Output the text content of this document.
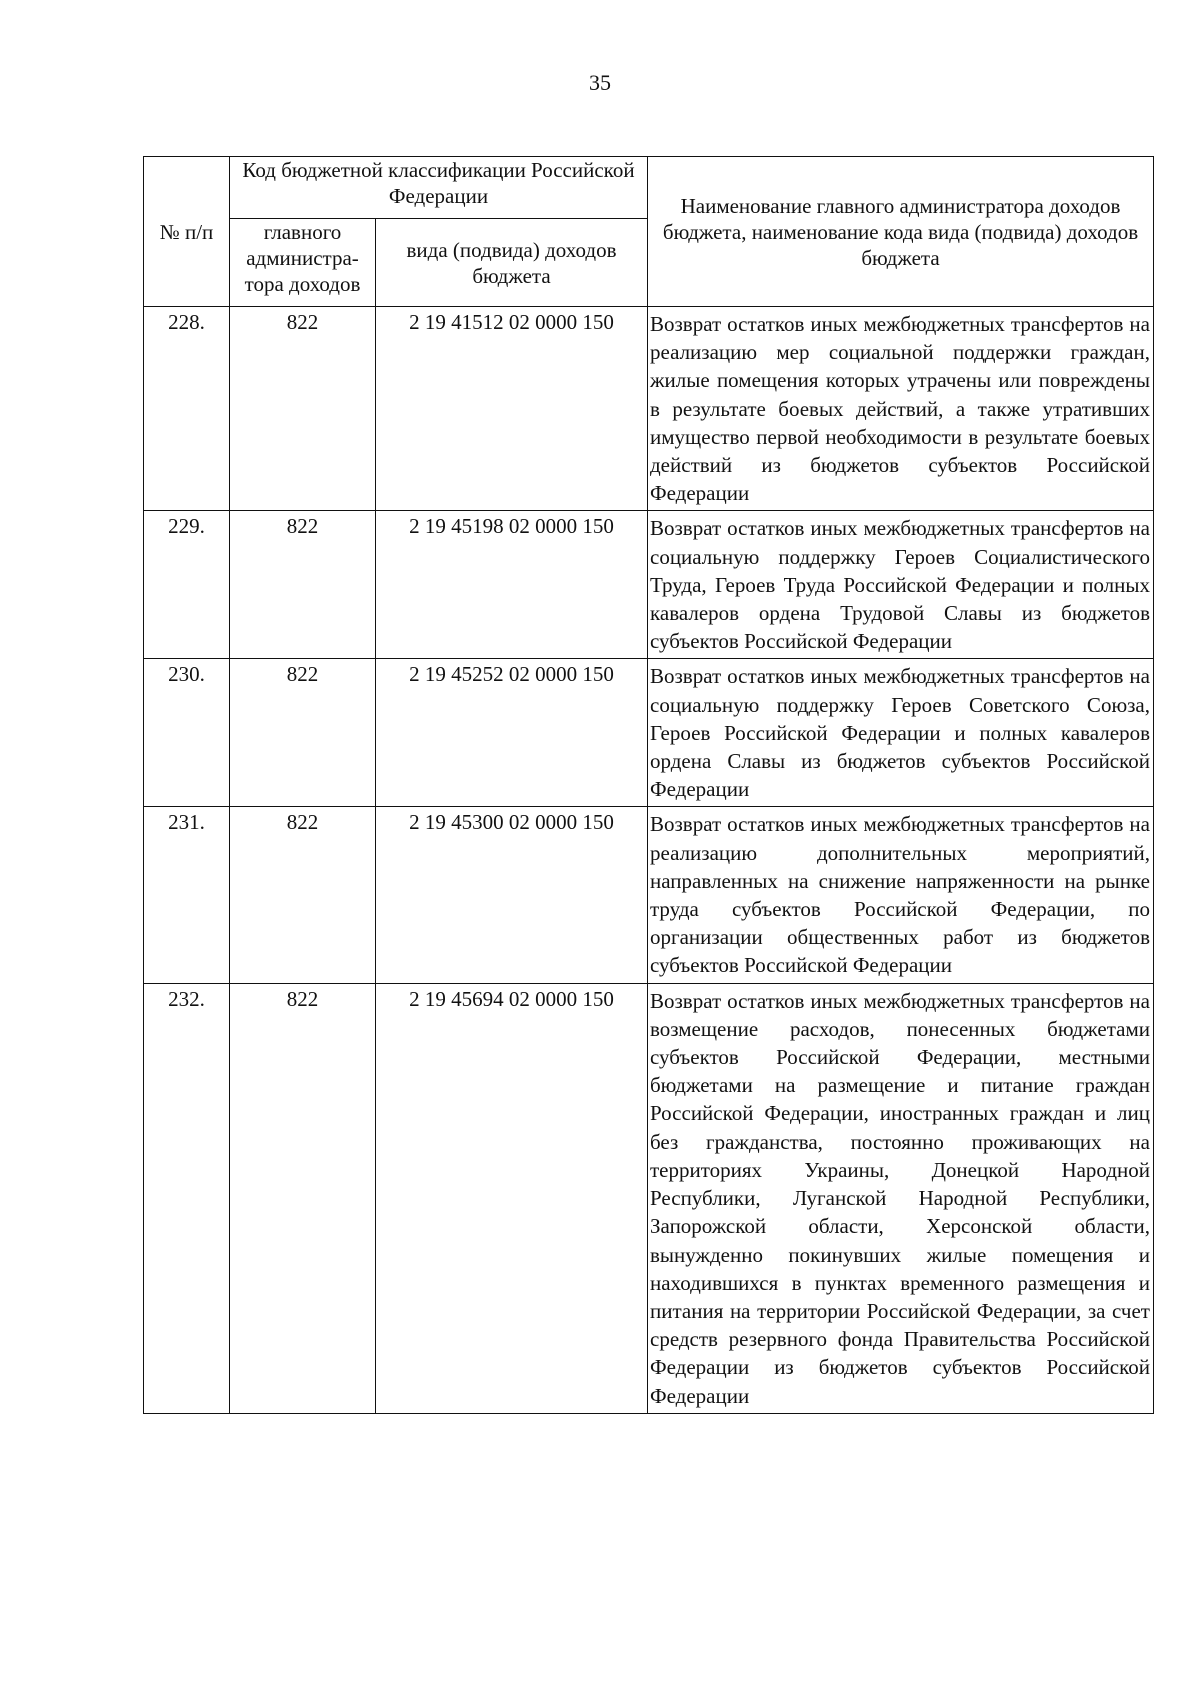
35
№ п/п	Код бюджетной классификации Российской Федерации		Наименование главного администратора доходов бюджета, наименование кода вида (подвида) доходов бюджета

	главного
администра-
тора доходов	вида (подвида) доходов бюджета	
228.	822	2 19 41512 02 0000 150	Возврат остатков иных межбюджетных трансфертов на реализацию мер социальной поддержки граждан, жилые помещения которых утрачены или повреждены в результате боевых действий, а также утративших имущество первой необходимости в результате боевых действий из бюджетов субъектов Российской Федерации
229.	822	2 19 45198 02 0000 150	Возврат остатков иных межбюджетных трансфертов на социальную поддержку Героев Социалистического Труда, Героев Труда Российской Федерации и полных кавалеров ордена Трудовой Славы из бюджетов субъектов Российской Федерации
230.	822	2 19 45252 02 0000 150	Возврат остатков иных межбюджетных трансфертов на социальную поддержку Героев Советского Союза, Героев Российской Федерации и полных кавалеров ордена Славы из бюджетов субъектов Российской Федерации
231.	822	2 19 45300 02 0000 150	Возврат остатков иных межбюджетных трансфертов на реализацию дополнительных мероприятий, направленных на снижение напряженности на рынке труда субъектов Российской Федерации, по организации общественных работ из бюджетов субъектов Российской Федерации
232.	822	2 19 45694 02 0000 150	Возврат остатков иных межбюджетных трансфертов на возмещение расходов, понесенных бюджетами субъектов Российской Федерации, местными бюджетами на размещение и питание граждан Российской Федерации, иностранных граждан и лиц без гражданства, постоянно проживающих на территориях Украины, Донецкой Народной Республики, Луганской Народной Республики, Запорожской области, Херсонской области, вынужденно покинувших жилые помещения и находившихся в пунктах временного размещения и питания на территории Российской Федерации, за счет средств резервного фонда Правительства Российской Федерации из бюджетов субъектов Российской Федерации
